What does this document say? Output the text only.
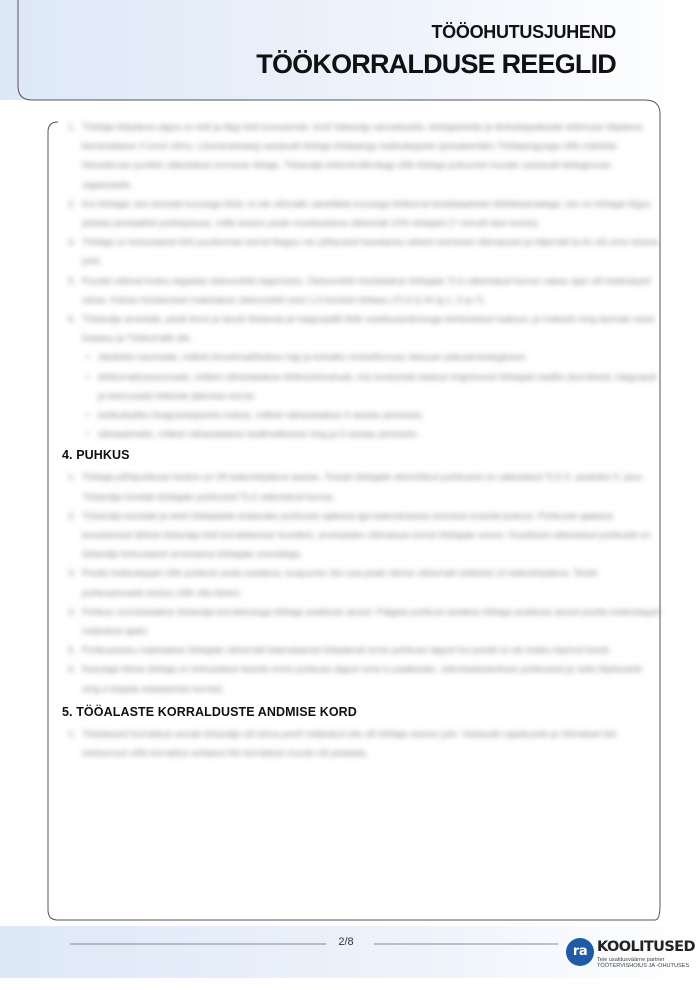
TÖÖOHUTUSJUHEND
TÖÖKORRALDUSE REEGLID
1. Töötaja tööpäeva algus on kell ja lõpp kell (nossamde, kroll Vabanlgi vanuatosele, töötajaidvide ja tlorkokapalesale teilimuse töipäeva klorandatese 3 tunni võrra. Lõunavaheaeg vastavalt töötaja töölepingu kokkuleppele (pesaleerikku Töölepingusga võib märkida tõesoleruse punktis sätestatud ormnese tööaja. Tööandja ei/kontrollimäagi võib töötaja puhumist murate vastavalt äritegevuse vajadustele.
2. Kui töötajal, kes teostab kuuvega tööd, ei ole võimalik vahetläda kuuvega töökorral kestlataalsete tõötlatsamalega, siis on töötajal õigus pidada pertaaliihti puhkepause, mille kestus peab moodustama vähemalt 10% tööajast (7 minutit iiasi tunnis).
3. Töötaja on kohustatud tööl puudumise korral õiagus ver põhjusest teavitama vahest esimesel võimalusel ja hiljemalt ta tiri või oma otsese juhti.
5. Puudel viibival kodsu tegadas ületunnitöö tegemises. Ületunnitöö hüvitatakse töötajale TLS sätestatud korras vabas ajas või kokkulepel rahas. Kahas hüvitamisel makstakse ületunnitöö eest 1,5 kordset töötasu (TLS § 44 lg 1, 6 ja 7).
6. Tööandja arvestab, peab ilmni ja tasub tööaeula ja haiguspälli lööb usaldusandmsuga kehtestatud tsabuul, ja makseb ning tasmab need lisatasu ja Töökorralle die.
• ülesköitu tulumade, milleel ilmsetmalt/kaheo higi ja kohalku omisetfunuse ülesuse sattusimeetegereul;
• töökorraldusesumade, milleel nähastatakse töökesidmuksati, mis toodustab kaatud ringinturest töötajale kadiks (korraheal, haiguspat ja teenusaid) töökode jälemise korral;
• kokkuleplles lisagrantsipantsi malusi, milleel nähastatakse 5 aastas pereiseis;
• üleisaelmeks, milleel nähastatakse tasllimelkutust ning ja 5 aastas perioseis.
4. PUHKUS
1. Töötaja põhipuhkuse kestus on 28 kalendripäeva aastas. Tootati töötajate elevivõitud puhkused on sätestatud TLS 5. peatükis 9. jaos. Tööandja hüvitab töötajale puhkused TLS sätestatud korras.
2. Tööandja koostab ja teeb töötajatele teatavaks puhkuste ajakava iga kalendriaasta esimese kvartali jooksul. Puhkuste ajakava koostamisel lähtub tööandja tööl korraldamise huvidest, arvestades võimaluse korral töötajate soove. Koadisest sätestatud puhkuskt on tööandja kohustatud arvestama töötajate soovidega.
3. Poolte kokkuleppel võib puhkust anda osadena, kusjuures üks osa peab olema vähemalt netikesti 14 kalendripäeva. Teiste puhkuseosade kestus võib olla lühem.
4. Puhkus vormistatakse tööandja korraldusega töötaja avalduse alusel. Palgata puhkust antakse töötaja avalduse alusel poolte kokkuleppel määratud ajaks.
5. Puhkusetasu makstakse töötajale vähemalt kalendaarsel tööpäeval enne puhkuse algust kui poolel ei ole kokku lepinud teisiti.
6. Kasutaja tööse töötaja on kohustatud teavita enne puhkuse algust oma is paalkaske, sekretaalseerituse puhkuseid ja selle lõpetuseid ning e-kirjade edastamise korrast.
5. TÖÖALASTE KORRALDUSTE ANDMISE KORD
1. Tööalaseid korraldusi annab tööandja või tema poolt määratud isik või töötaja otsene juht. Vastavalt vajadusele ja võimaluel töö iseloomust võib korraldus esitatud töö korraldusi muuta või peatada.
2/8
ra KOOLITUSED
Teie usaldusväärne partner
TÖÖTERVISHOIUS JA -OHUTUSES
